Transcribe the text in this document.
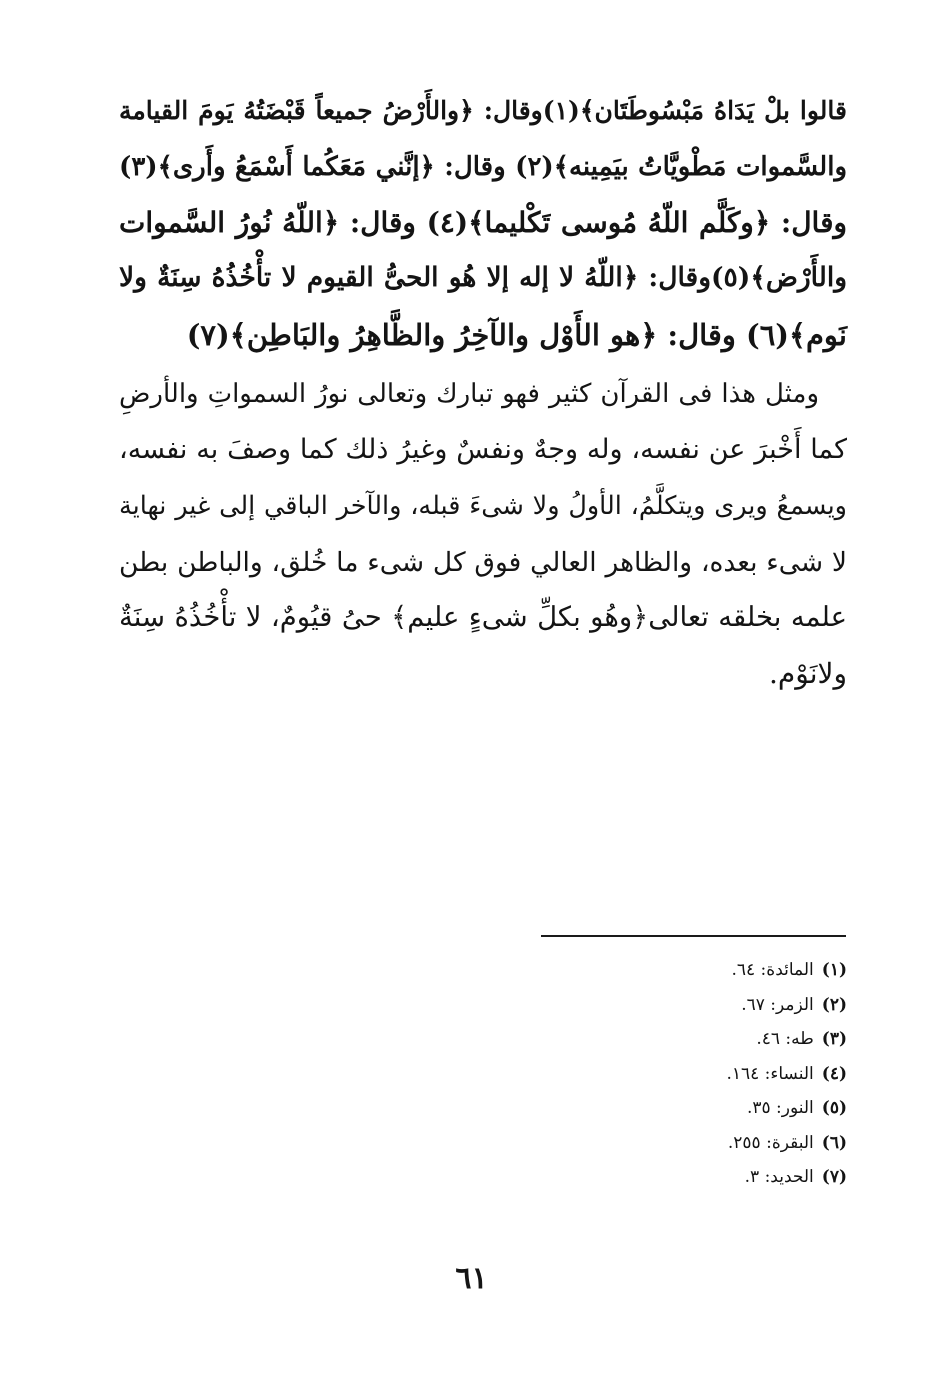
قالوا بلْ يَدَاهُ مَبْسُوطَتَان﴾(١)وقال: ﴿والأَرْضُ جميعاً قَبْضَتُهُ يَومَ القيامة
والسَّموات مَطْويَّاتُ بيَمِينه﴾(٢) وقال: ﴿إنَّني مَعَكُما أَسْمَعُ وأَرى﴾(٣)
وقال: ﴿وكَلَّم اللّهُ مُوسى تَكْليما﴾(٤) وقال: ﴿اللّهُ نُورُ السَّموات
والأَرْض﴾(٥)وقال: ﴿اللّهُ لا إله إلا هُو الحىُّ القيوم لا تأْخُذُهُ سِنَةٌ ولا
نَوم﴾(٦) وقال: ﴿هو الأَوْل والآخِرُ والظَّاهِرُ والبَاطِن﴾(٧)
ومثل هذا فى القرآن كثير فهو تبارك وتعالى نورُ السمواتِ والأرضِ
كما أَخْبرَ عن نفسه، وله وجهٌ ونفسٌ وغيرُ ذلك كما وصفَ به نفسه،
ويسمعُ ويرى ويتكلَّمُ، الأولُ ولا شىءَ قبله، والآخر الباقي إلى غير نهاية
لا شىء بعده، والظاهر العالي فوق كل شىء ما خُلق، والباطن بطن
علمه بخلقه تعالى﴿وهُو بكلِّ شىءٍ عليم﴾ حىُ قيُومٌ، لا تأْخُذُهُ سِنَةٌ
ولانَوْم.
(١)المائدة: ٦٤.
(٢)الزمر: ٦٧.
(٣)طه: ٤٦.
(٤)النساء: ١٦٤.
(٥)النور: ٣٥.
(٦)البقرة: ٢٥٥.
(٧)الحديد: ٣.
٦١
